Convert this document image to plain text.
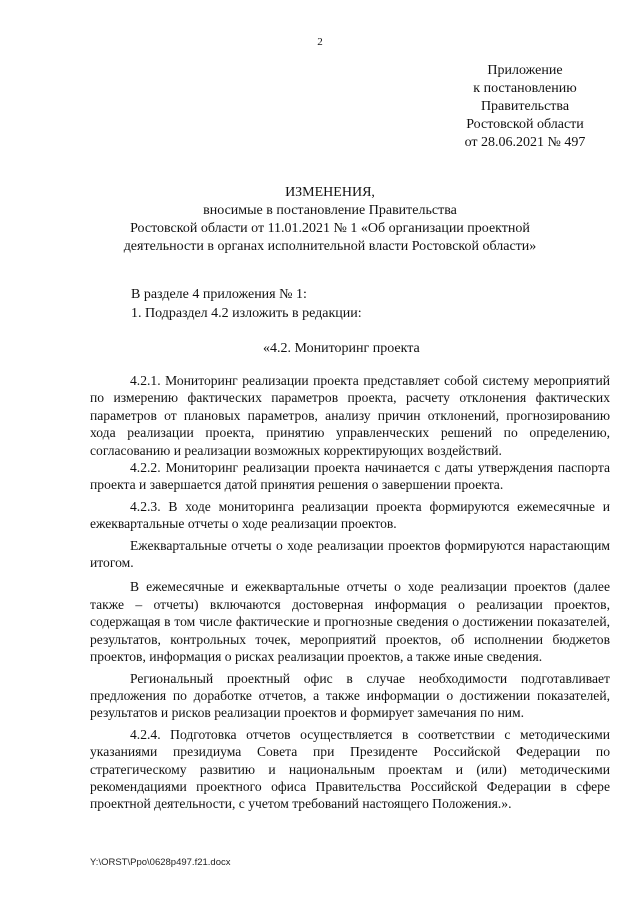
2
Приложение
к постановлению
Правительства
Ростовской области
от 28.06.2021 № 497
ИЗМЕНЕНИЯ,
вносимые в постановление Правительства
Ростовской области от 11.01.2021 № 1 «Об организации проектной
деятельности в органах исполнительной власти Ростовской области»
В разделе 4 приложения № 1:
1. Подраздел 4.2 изложить в редакции:
«4.2. Мониторинг проекта

4.2.1. Мониторинг реализации проекта представляет собой систему мероприятий по измерению фактических параметров проекта, расчету отклонения фактических параметров от плановых параметров, анализу причин отклонений, прогнозированию хода реализации проекта, принятию управленческих решений по определению, согласованию и реализации возможных корректирующих воздействий.

4.2.2. Мониторинг реализации проекта начинается с даты утверждения паспорта проекта и завершается датой принятия решения о завершении проекта.

4.2.3. В ходе мониторинга реализации проекта формируются ежемесячные и ежеквартальные отчеты о ходе реализации проектов.

Ежеквартальные отчеты о ходе реализации проектов формируются нарастающим итогом.

В ежемесячные и ежеквартальные отчеты о ходе реализации проектов (далее также – отчеты) включаются достоверная информация о реализации проектов, содержащая в том числе фактические и прогнозные сведения о достижении показателей, результатов, контрольных точек, мероприятий проектов, об исполнении бюджетов проектов, информация о рисках реализации проектов, а также иные сведения.

Региональный проектный офис в случае необходимости подготавливает предложения по доработке отчетов, а также информации о достижении показателей, результатов и рисков реализации проектов и формирует замечания по ним.

4.2.4. Подготовка отчетов осуществляется в соответствии с методическими указаниями президиума Совета при Президенте Российской Федерации по стратегическому развитию и национальным проектам и (или) методическими рекомендациями проектного офиса Правительства Российской Федерации в сфере проектной деятельности, с учетом требований настоящего Положения.».

Y:\ORST\Ppo\0628p497.f21.docx
